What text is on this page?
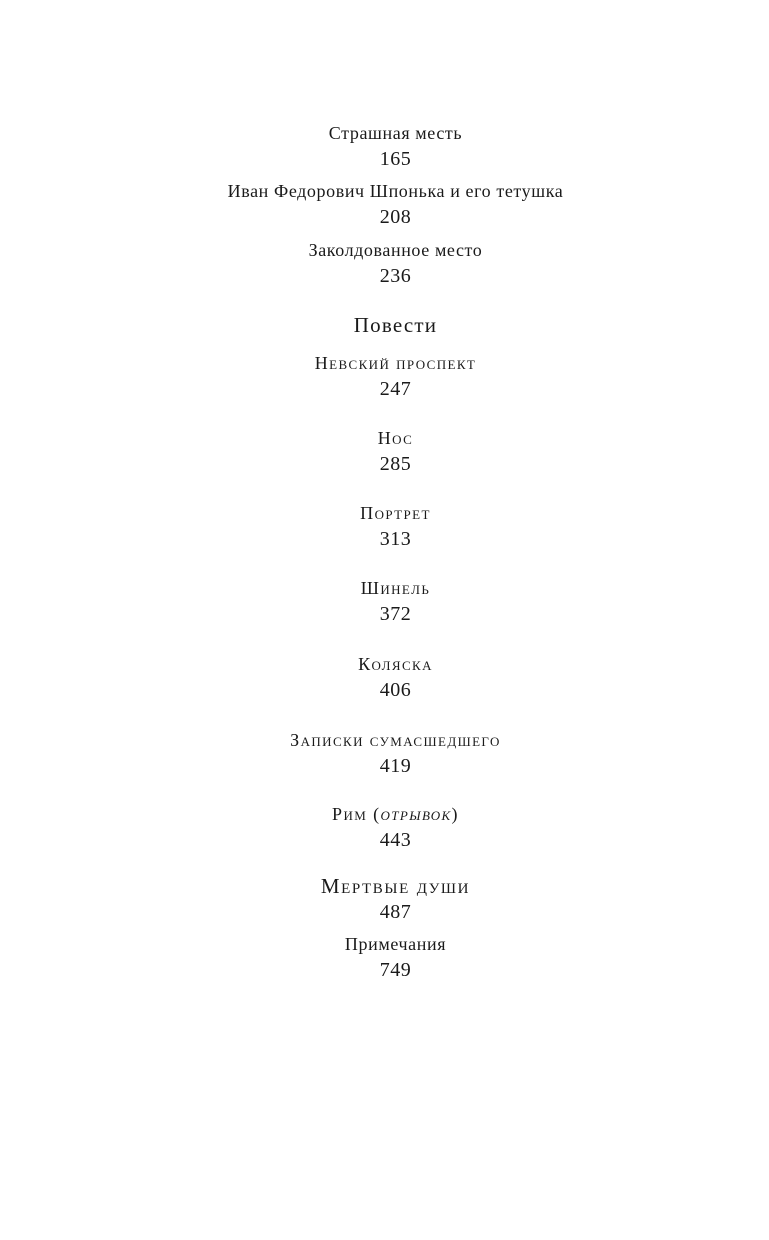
Страшная месть
165
Иван Федорович Шпонька и его тетушка
208
Заколдованное место
236
Повести
Невский проспект
247
Нос
285
Портрет
313
Шинель
372
Коляска
406
Записки сумасшедшего
419
Рим (отрывок)
443
Мертвые души
487
Примечания
749
